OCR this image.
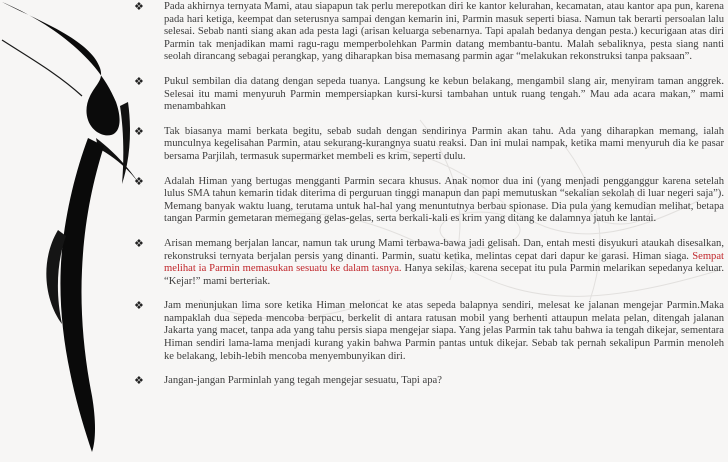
❖	Pada akhirnya ternyata Mami, atau siapapun tak perlu merepotkan diri ke kantor kelurahan, kecamatan, atau kantor apa pun, karena pada hari ketiga, keempat dan seterusnya sampai dengan kemarin ini, Parmin masuk seperti biasa. Namun tak berarti persoalan lalu selesai. Sebab nanti siang akan ada pesta lagi (arisan keluarga sebenarnya. Tapi apalah bedanya dengan pesta.) kecurigaan atas diri Parmin tak menjadikan mami ragu-ragu memperbolehkan Parmin datang membantu-bantu. Malah sebaliknya, pesta siang nanti seolah dirancang sebagai perangkap, yang diharapkan bisa memasang parmin agar “melakukan rekonstruksi tanpa paksaan”.
❖	Pukul sembilan dia datang dengan sepeda tuanya. Langsung ke kebun belakang, mengambil slang air, menyiram taman anggrek. Selesai itu mami menyuruh Parmin mempersiapkan kursi-kursi tambahan untuk ruang tengah.” Mau ada acara makan,” mami menambahkan
❖	Tak biasanya mami berkata begitu, sebab sudah dengan sendirinya Parmin akan tahu. Ada yang diharapkan memang, ialah munculnya kegelisahan Parmin, atau sekurang-kurangnya suatu reaksi. Dan ini mulai nampak, ketika mami menyuruh dia ke pasar bersama Parjilah, termasuk supermarket membeli es krim, seperti dulu.
❖	Adalah Himan yang bertugas mengganti Parmin secara khusus. Anak nomor dua ini (yang menjadi pengganggur karena setelah lulus SMA tahun kemarin tidak diterima di perguruan tinggi manapun dan papi memutuskan “sekalian sekolah di luar negeri saja”). Memang banyak waktu luang, terutama untuk hal-hal yang menuntutnya berbau spionase. Dia pula yang kemudian melihat, betapa tangan Parmin gemetaran memegang gelas-gelas, serta berkali-kali es krim yang ditang ke dalamnya jatuh ke lantai.
❖	Arisan memang berjalan lancar, namun tak urung Mami terbawa-bawa jadi gelisah. Dan, entah mesti disyukuri ataukah disesalkan, rekonstruksi ternyata berjalan persis yang dinanti. Parmin, suatu ketika, melintas cepat dari dapur ke garasi. Himan siaga. Sempat melihat ia Parmin memasukan sesuatu ke dalam tasnya. Hanya sekilas, karena secepat itu pula Parmin melarikan sepedanya keluar. “Kejar!” mami berteriak.
❖	Jam menunjukan lima sore ketika Himan meloncat ke atas sepeda balapnya sendiri, melesat ke jalanan mengejar Parmin.Maka nampaklah dua sepeda mencoba berpacu, berkelit di antara ratusan mobil yang berhenti attaupun melata pelan, ditengah jalanan Jakarta yang macet, tanpa ada yang tahu persis siapa mengejar siapa. Yang jelas Parmin tak tahu bahwa ia tengah dikejar, sementara Himan sendiri lama-lama menjadi kurang yakin bahwa Parmin pantas untuk dikejar. Sebab tak pernah sekalipun Parmin menoleh ke belakang, lebih-lebih mencoba menyembunyikan diri.
❖	Jangan-jangan Parminlah yang tegah mengejar sesuatu, Tapi apa?
